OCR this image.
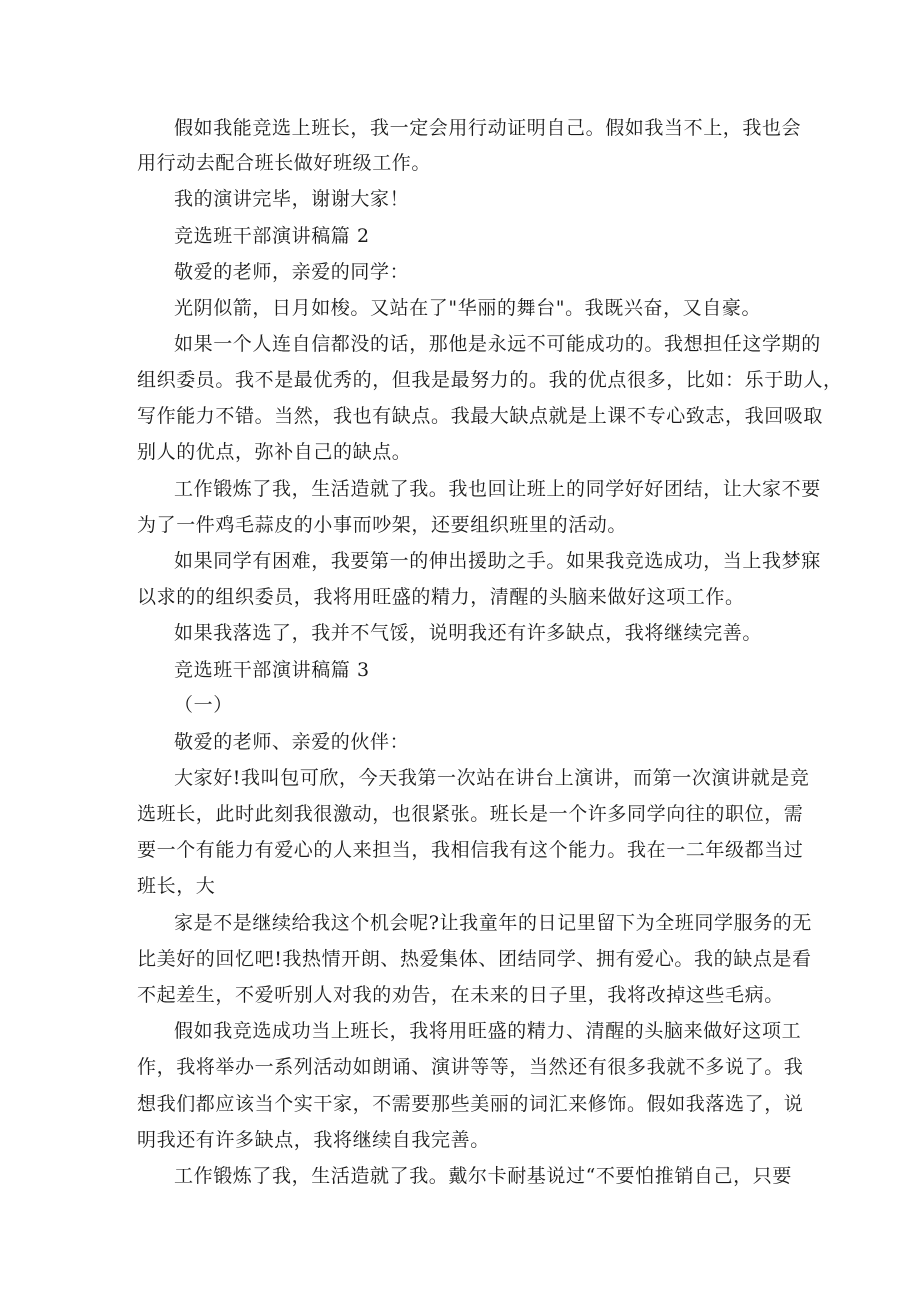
假如我能竞选上班长，我一定会用行动证明自己。假如我当不上，我也会
用行动去配合班长做好班级工作。
我的演讲完毕，谢谢大家！
竞选班干部演讲稿篇 2
敬爱的老师，亲爱的同学：
光阴似箭，日月如梭。又站在了"华丽的舞台"。我既兴奋，又自豪。
如果一个人连自信都没的话，那他是永远不可能成功的。我想担任这学期的
组织委员。我不是最优秀的，但我是最努力的。我的优点很多，比如：乐于助人，
写作能力不错。当然，我也有缺点。我最大缺点就是上课不专心致志，我回吸取
别人的优点，弥补自己的缺点。
工作锻炼了我，生活造就了我。我也回让班上的同学好好团结，让大家不要
为了一件鸡毛蒜皮的小事而吵架，还要组织班里的活动。
如果同学有困难，我要第一的伸出援助之手。如果我竞选成功，当上我梦寐
以求的的组织委员，我将用旺盛的精力，清醒的头脑来做好这项工作。
如果我落选了，我并不气馁，说明我还有许多缺点，我将继续完善。
竞选班干部演讲稿篇 3
（一）
敬爱的老师、亲爱的伙伴：
大家好!我叫包可欣，今天我第一次站在讲台上演讲，而第一次演讲就是竞
选班长，此时此刻我很激动，也很紧张。班长是一个许多同学向往的职位，需
要一个有能力有爱心的人来担当，我相信我有这个能力。我在一二年级都当过
班长，大
家是不是继续给我这个机会呢?让我童年的日记里留下为全班同学服务的无
比美好的回忆吧!我热情开朗、热爱集体、团结同学、拥有爱心。我的缺点是看
不起差生，不爱听别人对我的劝告，在未来的日子里，我将改掉这些毛病。
假如我竞选成功当上班长，我将用旺盛的精力、清醒的头脑来做好这项工
作，我将举办一系列活动如朗诵、演讲等等，当然还有很多我就不多说了。我
想我们都应该当个实干家，不需要那些美丽的词汇来修饰。假如我落选了，说
明我还有许多缺点，我将继续自我完善。
工作锻炼了我，生活造就了我。戴尔卡耐基说过“不要怕推销自己，只要
